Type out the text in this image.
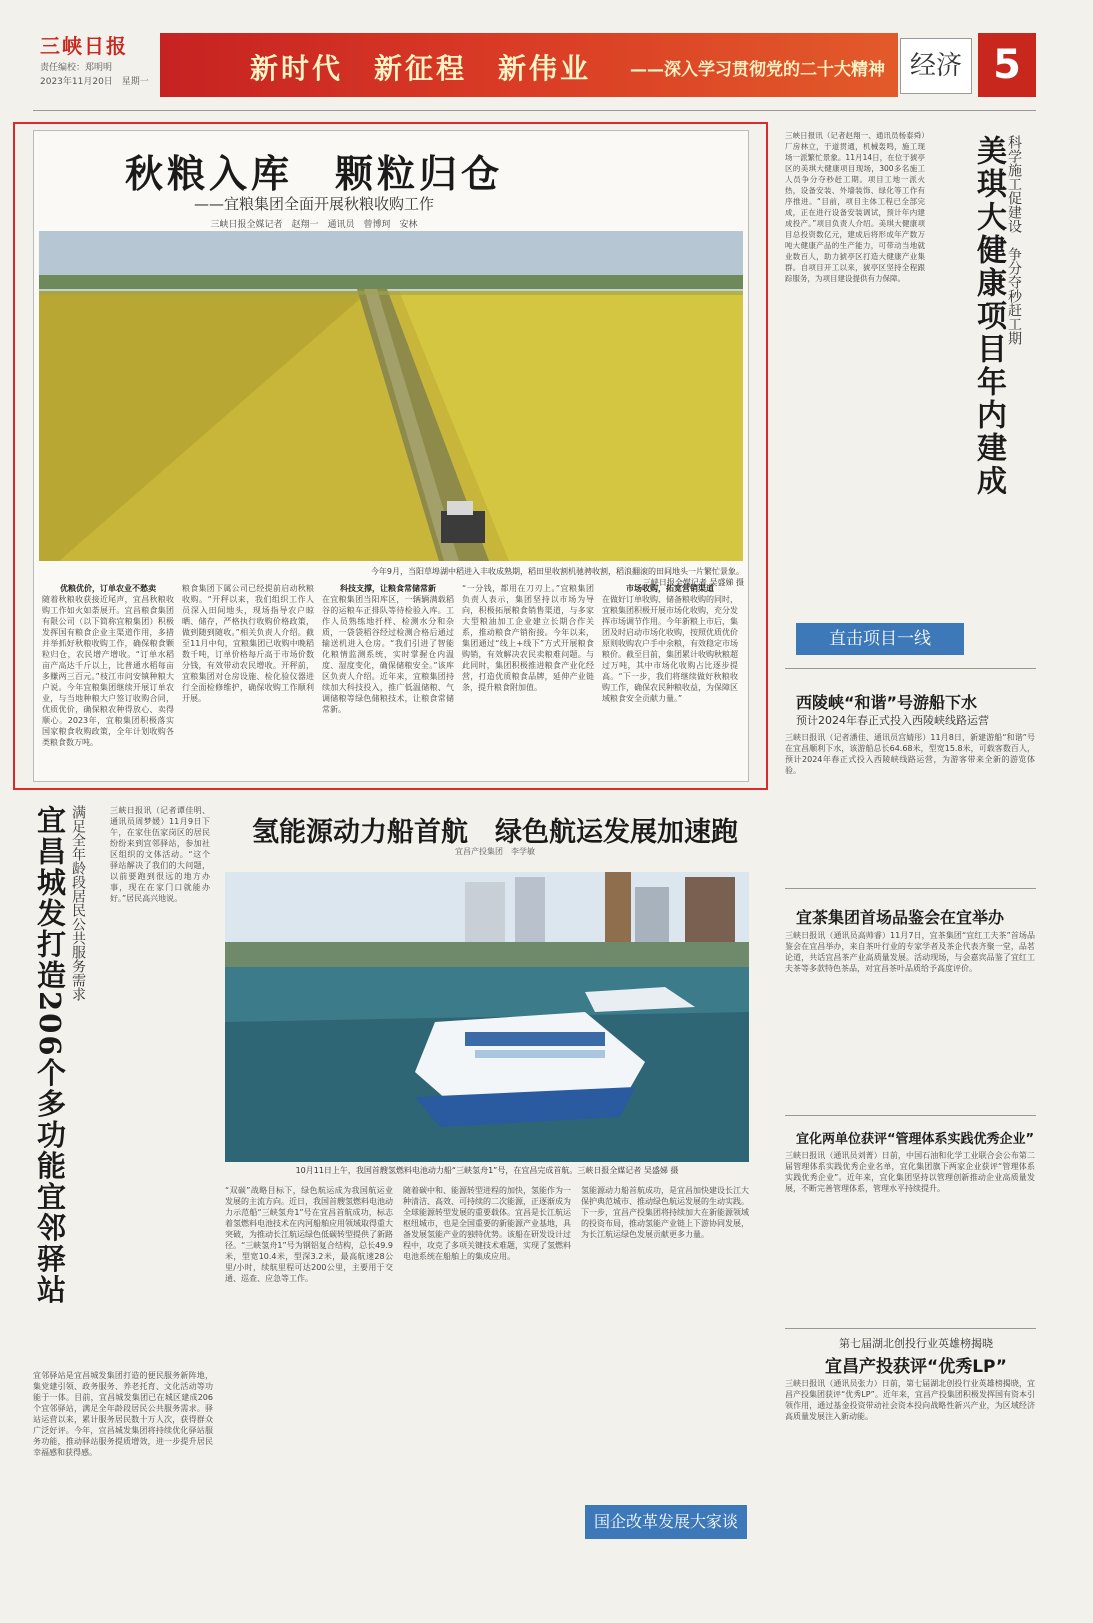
三峡日报
责任编校：郑明明
2023年11月20日　星期一	新时代　新征程　新伟业 ——深入学习贯彻党的二十大精神 经济 5
秋粮入库　颗粒归仓
——宜粮集团全面开展秋粮收购工作
三峡日报全媒记者　赵翔一　通讯员　曾博珂　安林
今年9月，当阳草埠湖中稻进入丰收成熟期，稻田里收割机驰骋收割，稻浪翻滚的田间地头一片繁忙景象。三峡日报全媒记者 吴盛娣 摄
优粮优价，订单农业不愁卖
随着秋粮收获接近尾声，宜昌秋粮收购工作如火如荼展开。宜昌粮食集团有限公司（以下简称宜粮集团）积极发挥国有粮食企业主渠道作用，多措并举抓好秋粮收购工作，确保粮食颗粒归仓，农民增产增收。“订单水稻亩产高达千斤以上，比普通水稻每亩多赚两三百元。”枝江市问安镇种粮大户说。今年宜粮集团继续开展订单农业，与当地种粮大户签订收购合同，优质优价，确保粮农种得放心、卖得顺心。2023年，宜粮集团积极落实国家粮食收购政策，全年计划收购各类粮食数万吨。
粮食集团下属公司已经提前启动秋粮收购。“开秤以来，我们组织工作人员深入田间地头，现场指导农户晾晒、储存，严格执行收购价格政策，做到随到随收。”相关负责人介绍。截至11月中旬，宜粮集团已收购中晚稻数千吨，订单价格每斤高于市场价数分钱，有效带动农民增收。开秤前，宜粮集团对仓房设施、检化验仪器进行全面检修维护，确保收购工作顺利开展。
科技支撑，让粮食常储常新
在宜粮集团当阳库区，一辆辆满载稻谷的运粮车正排队等待检验入库。工作人员熟练地扦样、检测水分和杂质，一袋袋稻谷经过检测合格后通过输送机进入仓房。“我们引进了智能化粮情监测系统，实时掌握仓内温度、湿度变化，确保储粮安全。”该库区负责人介绍。近年来，宜粮集团持续加大科技投入，推广低温储粮、气调储粮等绿色储粮技术，让粮食常储常新。
“一分钱，都用在刀刃上。”宜粮集团负责人表示，集团坚持以市场为导向，积极拓展粮食销售渠道，与多家大型粮油加工企业建立长期合作关系，推动粮食产销衔接。今年以来，集团通过“线上+线下”方式开展粮食购销，有效解决农民卖粮难问题。与此同时，集团积极推进粮食产业化经营，打造优质粮食品牌，延伸产业链条，提升粮食附加值。
市场收购，拓宽营销渠道
在做好订单收购、储备粮收购的同时，宜粮集团积极开展市场化收购，充分发挥市场调节作用。今年新粮上市后，集团及时启动市场化收购，按照优质优价原则收购农户手中余粮，有效稳定市场粮价。截至目前，集团累计收购秋粮超过万吨，其中市场化收购占比逐步提高。“下一步，我们将继续做好秋粮收购工作，确保农民种粮收益，为保障区域粮食安全贡献力量。”
三峡日报讯（记者赵翔一、通讯员杨泰舜）厂房林立，干道贯通，机械轰鸣，施工现场一派繁忙景象。11月14日，在位于猇亭区的美琪大健康项目现场，300多名施工人员争分夺秒赶工期。项目工地一派火热，设备安装、外墙装饰、绿化等工作有序推进。“目前，项目主体工程已全部完成，正在进行设备安装调试，预计年内建成投产。”项目负责人介绍。美琪大健康项目总投资数亿元，建成后将形成年产数万吨大健康产品的生产能力，可带动当地就业数百人，助力猇亭区打造大健康产业集群。自项目开工以来，猇亭区坚持全程跟踪服务，为项目建设提供有力保障。	美琪大健康项目年内建成 科学施工促建设　争分夺秒赶工期
直击项目一线
西陵峡“和谐”号游船下水
预计2024年春正式投入西陵峡线路运营
三峡日报讯（记者潘佳、通讯员宫婧彤）11月8日，新建游船“和谐”号在宜昌顺利下水，该游船总长64.68米，型宽15.8米，可载客数百人，预计2024年春正式投入西陵峡线路运营，为游客带来全新的游览体验。
宜茶集团首场品鉴会在宜举办
三峡日报讯（通讯员高帅睿）11月7日，宜茶集团“宜红工夫茶”首场品鉴会在宜昌举办，来自茶叶行业的专家学者及茶企代表齐聚一堂，品茗论道，共话宜昌茶产业高质量发展。活动现场，与会嘉宾品鉴了宜红工夫茶等多款特色茶品，对宜昌茶叶品质给予高度评价。
宜化两单位获评“管理体系实践优秀企业”
三峡日报讯（通讯员刘菁）日前，中国石油和化学工业联合会公布第二届管理体系实践优秀企业名单，宜化集团旗下两家企业获评“管理体系实践优秀企业”。近年来，宜化集团坚持以管理创新推动企业高质量发展，不断完善管理体系，管理水平持续提升。
第七届湖北创投行业英雄榜揭晓
宜昌产投获评“优秀LP”
三峡日报讯（通讯员张力）日前，第七届湖北创投行业英雄榜揭晓，宜昌产投集团获评“优秀LP”。近年来，宜昌产投集团积极发挥国有资本引领作用，通过基金投资带动社会资本投向战略性新兴产业，为区域经济高质量发展注入新动能。
氢能源动力船首航　绿色航运发展加速跑
宜昌产投集团　李学敏
10月11日上午，我国首艘氢燃料电池动力船“三峡氢舟1”号，在宜昌完成首航。三峡日报全媒记者 吴盛娣 摄
“双碳”战略目标下，绿色航运成为我国航运业发展的主流方向。近日，我国首艘氢燃料电池动力示范船“三峡氢舟1”号在宜昌首航成功，标志着氢燃料电池技术在内河船舶应用领域取得重大突破，为推动长江航运绿色低碳转型提供了新路径。“三峡氢舟1”号为钢铝复合结构，总长49.9米，型宽10.4米，型深3.2米，最高航速28公里/小时，续航里程可达200公里，主要用于交通、巡查、应急等工作。
随着碳中和、能源转型进程的加快，氢能作为一种清洁、高效、可持续的二次能源，正逐渐成为全球能源转型发展的重要载体。宜昌是长江航运枢纽城市，也是全国重要的新能源产业基地，具备发展氢能产业的独特优势。该船在研发设计过程中，攻克了多项关键技术难题，实现了氢燃料电池系统在船舶上的集成应用。
氢能源动力船首航成功，是宜昌加快建设长江大保护典范城市、推动绿色航运发展的生动实践。下一步，宜昌产投集团将持续加大在新能源领域的投资布局，推动氢能产业链上下游协同发展，为长江航运绿色发展贡献更多力量。
国企改革发展大家谈
宜昌城发打造206个多功能宜邻驿站 满足全年龄段居民公共服务需求	三峡日报讯（记者谭佳明、通讯员周梦媛）11月9日下午，在家住伍家岗区的居民纷纷来到宜邻驿站，参加社区组织的文体活动。“这个驿站解决了我们的大问题，以前要跑到很远的地方办事，现在在家门口就能办好。”居民高兴地说。
宜邻驿站是宜昌城发集团打造的便民服务新阵地，集党建引领、政务服务、养老托育、文化活动等功能于一体。目前，宜昌城发集团已在城区建成206个宜邻驿站，满足全年龄段居民公共服务需求。驿站运营以来，累计服务居民数十万人次，获得群众广泛好评。今年，宜昌城发集团将持续优化驿站服务功能，推动驿站服务提质增效，进一步提升居民幸福感和获得感。
